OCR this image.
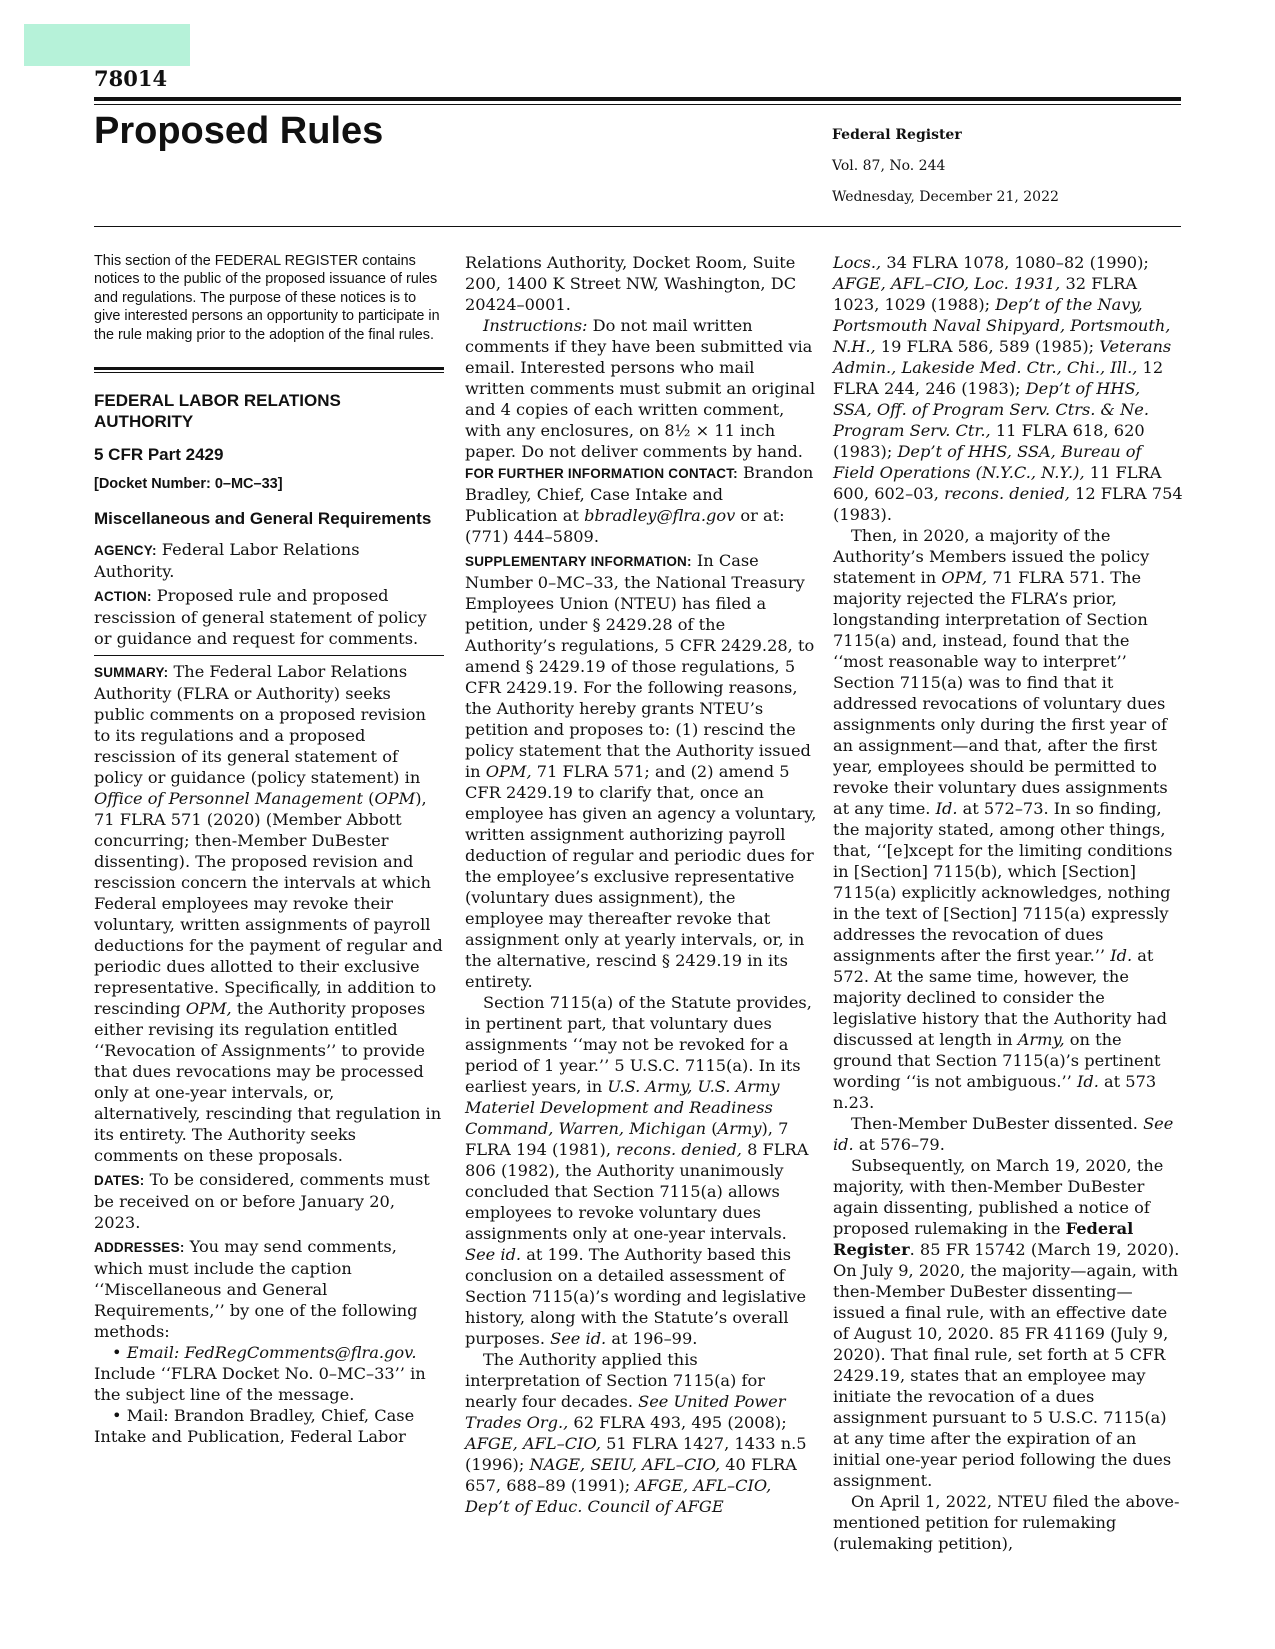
78014
Proposed Rules	Federal Register
Vol. 87, No. 244
Wednesday, December 21, 2022

This section of the FEDERAL REGISTER contains notices to the public of the proposed issuance of rules and regulations. The purpose of these notices is to give interested persons an opportunity to participate in the rule making prior to the adoption of the final rules.

FEDERAL LABOR RELATIONS AUTHORITY
5 CFR Part 2429
[Docket Number: 0–MC–33]
Miscellaneous and General Requirements

AGENCY: Federal Labor Relations Authority.

ACTION: Proposed rule and proposed rescission of general statement of policy or guidance and request for comments.

SUMMARY: The Federal Labor Relations Authority (FLRA or Authority) seeks public comments on a proposed revision to its regulations and a proposed rescission of its general statement of policy or guidance (policy statement) in Office of Personnel Management (OPM), 71 FLRA 571 (2020) (Member Abbott concurring; then-Member DuBester dissenting). The proposed revision and rescission concern the intervals at which Federal employees may revoke their voluntary, written assignments of payroll deductions for the payment of regular and periodic dues allotted to their exclusive representative. Specifically, in addition to rescinding OPM, the Authority proposes either revising its regulation entitled ‘‘Revocation of Assignments’’ to provide that dues revocations may be processed only at one-year intervals, or, alternatively, rescinding that regulation in its entirety. The Authority seeks comments on these proposals.

DATES: To be considered, comments must be received on or before January 20, 2023.

ADDRESSES: You may send comments, which must include the caption ‘‘Miscellaneous and General Requirements,’’ by one of the following methods:

• Email: FedRegComments@flra.gov. Include ‘‘FLRA Docket No. 0–MC–33’’ in the subject line of the message.

• Mail: Brandon Bradley, Chief, Case Intake and Publication, Federal Labor

Relations Authority, Docket Room, Suite 200, 1400 K Street NW, Washington, DC 20424–0001.

Instructions: Do not mail written comments if they have been submitted via email. Interested persons who mail written comments must submit an original and 4 copies of each written comment, with any enclosures, on 8½ × 11 inch paper. Do not deliver comments by hand.

FOR FURTHER INFORMATION CONTACT: Brandon Bradley, Chief, Case Intake and Publication at bbradley@flra.gov or at: (771) 444–5809.

SUPPLEMENTARY INFORMATION: In Case Number 0–MC–33, the National Treasury Employees Union (NTEU) has filed a petition, under § 2429.28 of the Authority’s regulations, 5 CFR 2429.28, to amend § 2429.19 of those regulations, 5 CFR 2429.19. For the following reasons, the Authority hereby grants NTEU’s petition and proposes to: (1) rescind the policy statement that the Authority issued in OPM, 71 FLRA 571; and (2) amend 5 CFR 2429.19 to clarify that, once an employee has given an agency a voluntary, written assignment authorizing payroll deduction of regular and periodic dues for the employee’s exclusive representative (voluntary dues assignment), the employee may thereafter revoke that assignment only at yearly intervals, or, in the alternative, rescind § 2429.19 in its entirety.

Section 7115(a) of the Statute provides, in pertinent part, that voluntary dues assignments ‘‘may not be revoked for a period of 1 year.’’ 5 U.S.C. 7115(a). In its earliest years, in U.S. Army, U.S. Army Materiel Development and Readiness Command, Warren, Michigan (Army), 7 FLRA 194 (1981), recons. denied, 8 FLRA 806 (1982), the Authority unanimously concluded that Section 7115(a) allows employees to revoke voluntary dues assignments only at one-year intervals. See id. at 199. The Authority based this conclusion on a detailed assessment of Section 7115(a)’s wording and legislative history, along with the Statute’s overall purposes. See id. at 196–99.

The Authority applied this interpretation of Section 7115(a) for nearly four decades. See United Power Trades Org., 62 FLRA 493, 495 (2008); AFGE, AFL–CIO, 51 FLRA 1427, 1433 n.5 (1996); NAGE, SEIU, AFL–CIO, 40 FLRA 657, 688–89 (1991); AFGE, AFL–CIO, Dep’t of Educ. Council of AFGE

Locs., 34 FLRA 1078, 1080–82 (1990); AFGE, AFL–CIO, Loc. 1931, 32 FLRA 1023, 1029 (1988); Dep’t of the Navy, Portsmouth Naval Shipyard, Portsmouth, N.H., 19 FLRA 586, 589 (1985); Veterans Admin., Lakeside Med. Ctr., Chi., Ill., 12 FLRA 244, 246 (1983); Dep’t of HHS, SSA, Off. of Program Serv. Ctrs. & Ne. Program Serv. Ctr., 11 FLRA 618, 620 (1983); Dep’t of HHS, SSA, Bureau of Field Operations (N.Y.C., N.Y.), 11 FLRA 600, 602–03, recons. denied, 12 FLRA 754 (1983).

Then, in 2020, a majority of the Authority’s Members issued the policy statement in OPM, 71 FLRA 571. The majority rejected the FLRA’s prior, longstanding interpretation of Section 7115(a) and, instead, found that the ‘‘most reasonable way to interpret’’ Section 7115(a) was to find that it addressed revocations of voluntary dues assignments only during the first year of an assignment—and that, after the first year, employees should be permitted to revoke their voluntary dues assignments at any time. Id. at 572–73. In so finding, the majority stated, among other things, that, ‘‘[e]xcept for the limiting conditions in [Section] 7115(b), which [Section] 7115(a) explicitly acknowledges, nothing in the text of [Section] 7115(a) expressly addresses the revocation of dues assignments after the first year.’’ Id. at 572. At the same time, however, the majority declined to consider the legislative history that the Authority had discussed at length in Army, on the ground that Section 7115(a)’s pertinent wording ‘‘is not ambiguous.’’ Id. at 573 n.23.

Then-Member DuBester dissented. See id. at 576–79.

Subsequently, on March 19, 2020, the majority, with then-Member DuBester again dissenting, published a notice of proposed rulemaking in the Federal Register. 85 FR 15742 (March 19, 2020). On July 9, 2020, the majority—again, with then-Member DuBester dissenting—issued a final rule, with an effective date of August 10, 2020. 85 FR 41169 (July 9, 2020). That final rule, set forth at 5 CFR 2429.19, states that an employee may initiate the revocation of a dues assignment pursuant to 5 U.S.C. 7115(a) at any time after the expiration of an initial one-year period following the dues assignment.

On April 1, 2022, NTEU filed the above-mentioned petition for rulemaking (rulemaking petition),
